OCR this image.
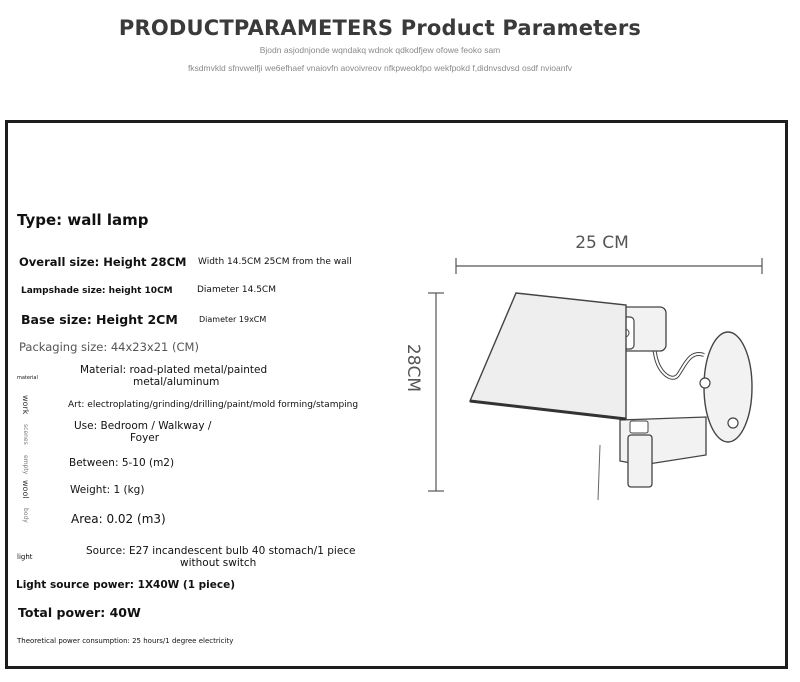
PRODUCTPARAMETERS Product Parameters
Bjodn asjodnjonde wqndakq wdnok qdkodfjew ofowe feoko sam
fksdmvkld sfnvwelfji we6efhaef vnaiovfn aovoivreov nfkpweokfpo wekfpokd f,didnvsdvsd osdf nvioanfv
Type: wall lamp
Overall size: Height 28CM Width 14.5CM 25CM from the wall
Lampshade size: height 10CM	Diameter 14.5CM
Base size: Height 2CM	Diameter 19xCM
Packaging size: 44x23x21 (CM)
material
Material: road-plated metal/painted
metal/aluminum
work	Art: electroplating/grinding/drilling/paint/mold forming/stamping
scenes	Use: Bedroom / Walkway /
Foyer
empty	Between: 5-10 (m2)
wool	Weight: 1 (kg)
body	Area: 0.02 (m3)
light	Source: E27 incandescent bulb 40 stomach/1 piece
without switch
Light source power: 1X40W (1 piece)
Total power: 40W
Theoretical power consumption: 25 hours/1 degree electricity
25 CM
28CM
